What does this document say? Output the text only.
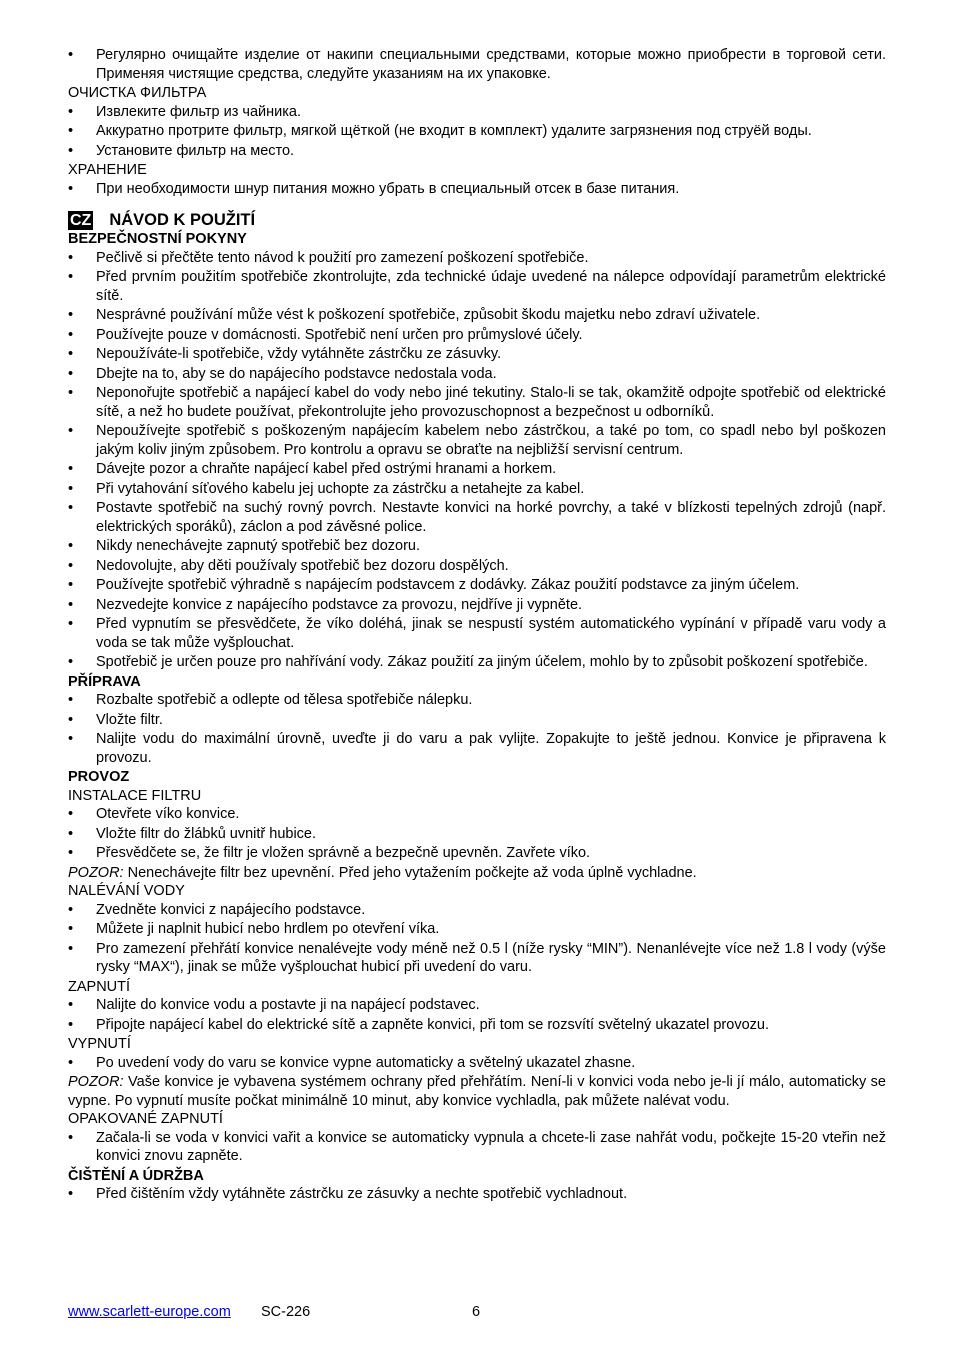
• Регулярно очищайте изделие от накипи специальными средствами, которые можно приобрести в торговой сети. Применяя чистящие средства, следуйте указаниям на их упаковке.
ОЧИСТКА ФИЛЬТРА
• Извлеките фильтр из чайника.
• Аккуратно протрите фильтр, мягкой щёткой (не входит в комплект) удалите загрязнения под струёй воды.
• Установите фильтр на место.
ХРАНЕНИЕ
• При необходимости шнур питания можно убрать в специальный отсек в базе питания.
CZ NÁVOD K POUŽITÍ
BEZPEČNOSTNÍ POKYNY
• Pečlivě si přečtěte tento návod k použití pro zamezení poškození spotřebiče.
• Před prvním použitím spotřebiče zkontrolujte, zda technické údaje uvedené na nálepce odpovídají parametrům elektrické sítě.
• Nesprávné používání může vést k poškození spotřebiče, způsobit škodu majetku nebo zdraví uživatele.
• Používejte pouze v domácnosti. Spotřebič není určen pro průmyslové účely.
• Nepoužíváte-li spotřebiče, vždy vytáhněte zástrčku ze zásuvky.
• Dbejte na to, aby se do napájecího podstavce nedostala voda.
• Neponořujte spotřebič a napájecí kabel do vody nebo jiné tekutiny. Stalo-li se tak, okamžitě odpojte spotřebič od elektrické sítě, a než ho budete používat, překontrolujte jeho provozuschopnost a bezpečnost u odborníků.
• Nepoužívejte spotřebič s poškozeným napájecím kabelem nebo zástrčkou, a také po tom, co spadl nebo byl poškozen jakým koliv jiným způsobem. Pro kontrolu a opravu se obraťte na nejbližší servisní centrum.
• Dávejte pozor a chraňte napájecí kabel před ostrými hranami a horkem.
• Při vytahování síťového kabelu jej uchopte za zástrčku a netahejte za kabel.
• Postavte spotřebič na suchý rovný povrch. Nestavte konvici na horké povrchy, a také v blízkosti tepelných zdrojů (např. elektrických sporáků), záclon a pod závěsné police.
• Nikdy nenechávejte zapnutý spotřebič bez dozoru.
• Nedovolujte, aby děti používaly spotřebič bez dozoru dospělých.
• Používejte spotřebič výhradně s napájecím podstavcem z dodávky. Zákaz použití podstavce za jiným účelem.
• Nezvedejte konvice z napájecího podstavce za provozu, nejdříve ji vypněte.
• Před vypnutím se přesvědčete, že víko doléhá, jinak se nespustí systém automatického vypínání v případě varu vody a voda se tak může vyšplouchat.
• Spotřebič je určen pouze pro nahřívání vody. Zákaz použití za jiným účelem, mohlo by to způsobit poškození spotřebiče.
PŘÍPRAVA
• Rozbalte spotřebič a odlepte od tělesa spotřebiče nálepku.
• Vložte filtr.
• Nalijte vodu do maximální úrovně, uveďte ji do varu a pak vylijte. Zopakujte to ještě jednou. Konvice je připravena k provozu.
PROVOZ
INSTALACE FILTRU
• Otevřete víko konvice.
• Vložte filtr do žlábků uvnitř hubice.
• Přesvědčete se, že filtr je vložen správně a bezpečně upevněn. Zavřete víko.
POZOR: Nenechávejte filtr bez upevnění. Před jeho vytažením počkejte až voda úplně vychladne.
NALÉVÁNÍ VODY
• Zvedněte konvici z napájecího podstavce.
• Můžete ji naplnit hubicí nebo hrdlem po otevření víka.
• Pro zamezení přehřátí konvice nenalévejte vody méně než 0.5 l (níže rysky “MIN”). Nenanlévejte více než 1.8 l vody (výše rysky “MAX“), jinak se může vyšplouchat hubicí při uvedení do varu.
ZAPNUTÍ
• Nalijte do konvice vodu a postavte ji na napájecí podstavec.
• Připojte napájecí kabel do elektrické sítě a zapněte konvici, při tom se rozsvítí světelný ukazatel provozu.
VYPNUTÍ
• Po uvedení vody do varu se konvice vypne automaticky a světelný ukazatel zhasne.
POZOR: Vaše konvice je vybavena systémem ochrany před přehřátím. Není-li v konvici voda nebo je-li jí málo, automaticky se vypne. Po vypnutí musíte počkat minimálně 10 minut, aby konvice vychladla, pak můžete nalévat vodu.
OPAKOVANÉ ZAPNUTÍ
• Začala-li se voda v konvici vařit a konvice se automaticky vypnula a chcete-li zase nahřát vodu, počkejte 15-20 vteřin než konvici znovu zapněte.
ČIŠTĚNÍ A ÚDRŽBA
• Před čištěním vždy vytáhněte zástrčku ze zásuvky a nechte spotřebič vychladnout.
www.scarlett-europe.com SC-226	6
